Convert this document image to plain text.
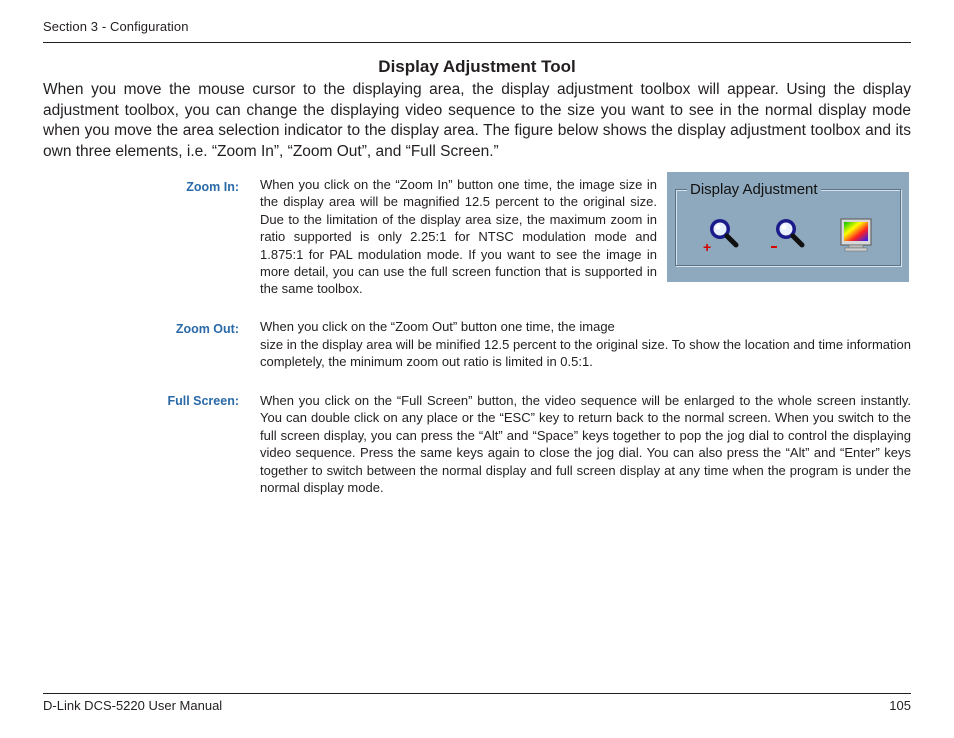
Section 3 - Configuration
Display Adjustment Tool

When you move the mouse cursor to the displaying area, the display adjustment toolbox will appear. Using the display adjustment toolbox, you can change the displaying video sequence to the size you want to see in the normal display mode when you move the area selection indicator to the display area. The figure below shows the display adjustment toolbox and its own three elements, i.e. “Zoom In”, “Zoom Out”, and “Full Screen.”

Zoom In: When you click on the “Zoom In” button one time, the image size in the display area will be magnified 12.5 percent to the original size. Due to the limitation of the display area size, the maximum zoom in ratio supported is only 2.25:1 for NTSC modulation mode and 1.875:1 for PAL modulation mode. If you want to see the image in more detail, you can use the full screen function that is supported in the same toolbox.

Display Adjustment
+
Zoom Out: When you click on the “Zoom Out” button one time, the image

size in the display area will be minified 12.5 percent to the original size. To show the location and time information completely, the minimum zoom out ratio is limited in 0.5:1.

Full Screen: When you click on the “Full Screen” button, the video sequence will be enlarged to the whole screen instantly. You can double click on any place or the “ESC” key to return back to the normal screen. When you switch to the full screen display, you can press the “Alt” and “Space” keys together to pop the jog dial to control the displaying video sequence. Press the same keys again to close the jog dial. You can also press the “Alt” and “Enter” keys together to switch between the normal display and full screen display at any time when the program is under the normal display mode.

D-Link DCS-5220 User Manual	105
